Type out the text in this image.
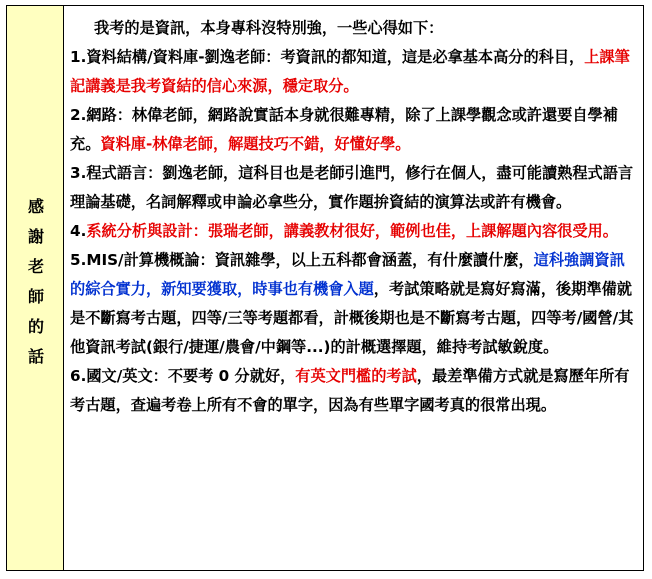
感謝老師的話

我考的是資訊，本身專科沒特別強，一些心得如下：

1.資料結構/資料庫-劉逸老師：考資訊的都知道，這是必拿基本高分的科目，上課筆記講義是我考資結的信心來源，穩定取分。

2.網路：林偉老師，網路說實話本身就很難專精，除了上課學觀念或許還要自學補充。資料庫-林偉老師，解題技巧不錯，好懂好學。

3.程式語言：劉逸老師，這科目也是老師引進門，修行在個人，盡可能讀熟程式語言理論基礎，名詞解釋或申論必拿些分，實作題拚資結的演算法或許有機會。

4.系統分析與設計：張瑞老師，講義教材很好，範例也佳，上課解題內容很受用。

5.MIS/計算機概論：資訊雜學，以上五科都會涵蓋，有什麼讀什麼，這科強調資訊的綜合實力，新知要獲取，時事也有機會入題，考試策略就是寫好寫滿，後期準備就是不斷寫考古題，四等/三等考題都看，計概後期也是不斷寫考古題，四等考/國營/其他資訊考試(銀行/捷運/農會/中鋼等...)的計概選擇題，維持考試敏銳度。

6.國文/英文：不要考 0 分就好，有英文門檻的考試，最差準備方式就是寫歷年所有考古題，查遍考卷上所有不會的單字，因為有些單字國考真的很常出現。
